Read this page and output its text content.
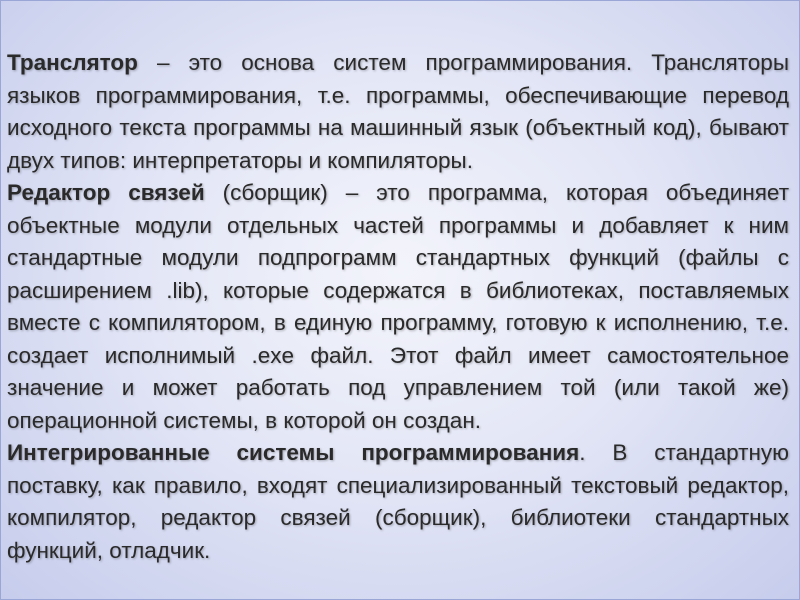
Транслятор – это основа систем программирования. Трансляторы языков программирования, т.е. программы, обеспечивающие перевод исходного текста программы на машинный язык (объектный код), бывают двух типов: интерпретаторы и компиляторы.

Редактор связей (сборщик) – это программа, которая объединяет объектные модули отдельных частей программы и добавляет к ним стандартные модули подпрограмм стандартных функций (файлы с расширением .lib), которые содержатся в библиотеках, поставляемых вместе с компилятором, в единую программу, готовую к исполнению, т.е. создает исполнимый .exe файл. Этот файл имеет самостоятельное значение и может работать под управлением той (или такой же) операционной системы, в которой он создан.

Интегрированные системы программирования. В стандартную поставку, как правило, входят специализированный текстовый редактор, компилятор, редактор связей (сборщик), библиотеки стандартных функций, отладчик.
